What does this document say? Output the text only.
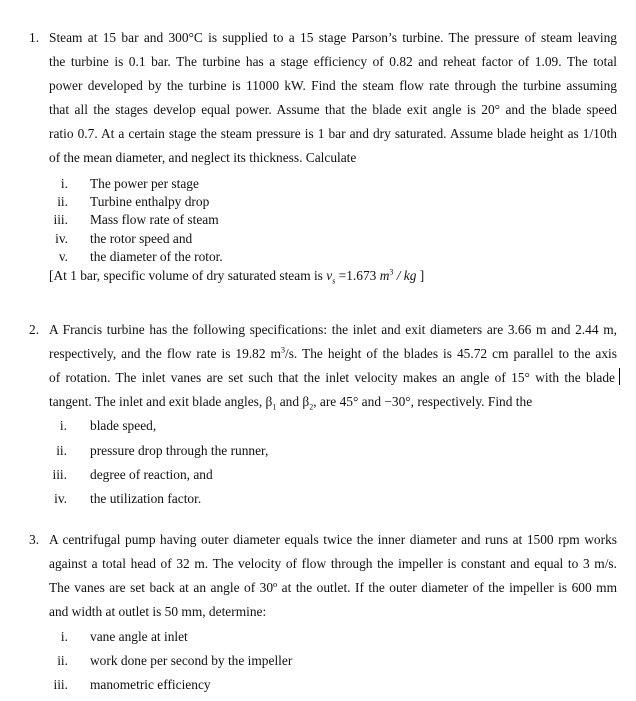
1. Steam at 15 bar and 300°C is supplied to a 15 stage Parson’s turbine. The pressure of steam leaving
the turbine is 0.1 bar. The turbine has a stage efficiency of 0.82 and reheat factor of 1.09. The total
power developed by the turbine is 11000 kW. Find the steam flow rate through the turbine assuming
that all the stages develop equal power. Assume that the blade exit angle is 20° and the blade speed
ratio 0.7. At a certain stage the steam pressure is 1 bar and dry saturated. Assume blade height as 1/10th
of the mean diameter, and neglect its thickness. Calculate
i. The power per stage
ii. Turbine enthalpy drop
iii. Mass flow rate of steam
iv. the rotor speed and
v. the diameter of the rotor.
[At 1 bar, specific volume of dry saturated steam is $v_s =1.673$ $m^3$ / kg ]
2. A Francis turbine has the following specifications: the inlet and exit diameters are 3.66 m and 2.44 m,
respectively, and the flow rate is 19.82 $m^3/s$. The height of the blades is 45.72 cm parallel to the axis
of rotation. The inlet vanes are set such that the inlet velocity makes an angle of 15° with the blade
tangent. The inlet and exit blade angles, $\beta_1$ and $\beta_2$, are 45° and −30°, respectively. Find the
i. blade speed,
ii. pressure drop through the runner,
iii. degree of reaction, and
iv. the utilization factor.
3. A centrifugal pump having outer diameter equals twice the inner diameter and runs at 1500 rpm works
against a total head of 32 m. The velocity of flow through the impeller is constant and equal to 3 m/s.
The vanes are set back at an angle of 30º at the outlet. If the outer diameter of the impeller is 600 mm
and width at outlet is 50 mm, determine:
i. vane angle at inlet
ii. work done per second by the impeller
iii. manometric efficiency
